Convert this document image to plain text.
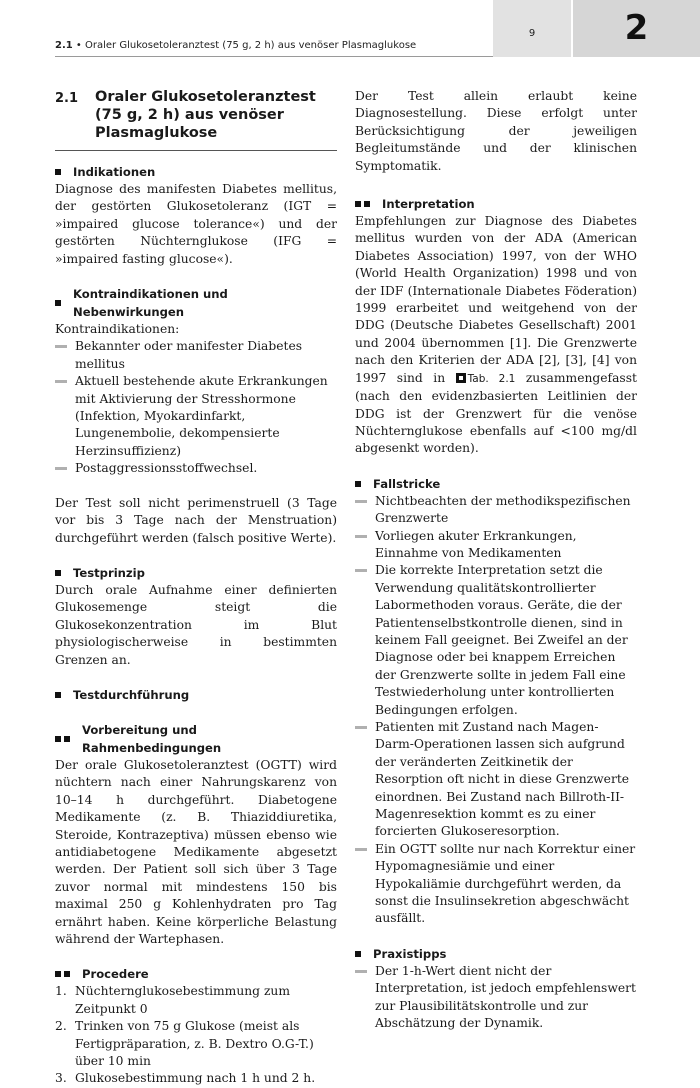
2.1 • Oraler Glukosetoleranztest (75 g, 2 h) aus venöser Plasmaglukose
9	2
2.1	Oraler Glukosetoleranztest
(75 g, 2 h) aus venöser
Plasmaglukose
Indikationen

Diagnose des manifesten Diabetes mellitus, der gestörten Glukosetoleranz (IGT = »impaired glucose tolerance«) und der gestörten Nüchternglukose (IFG = »impaired fasting glucose«).

Kontraindikationen und Nebenwirkungen

Kontraindikationen:

Bekannter oder manifester Diabetes mellitus
Aktuell bestehende akute Erkrankungen mit Aktivierung der Stresshormone (Infektion, Myokardinfarkt, Lungenembolie, dekompensierte Herzinsuffizienz)
Postaggressionsstoffwechsel.

Der Test soll nicht perimenstruell (3 Tage vor bis 3 Tage nach der Menstruation) durchgeführt werden (falsch positive Werte).

Testprinzip

Durch orale Aufnahme einer definierten Glukosemenge steigt die Glukosekonzentration im Blut physiologischerweise in bestimmten Grenzen an.

Testdurchführung
Vorbereitung und Rahmenbedingungen

Der orale Glukosetoleranztest (OGTT) wird nüchtern nach einer Nahrungskarenz von 10–14 h durchgeführt. Diabetogene Medikamente (z. B. Thiaziddiuretika, Steroide, Kontrazeptiva) müssen ebenso wie antidiabetogene Medikamente abgesetzt werden. Der Patient soll sich über 3 Tage zuvor normal mit mindestens 150 bis maximal 250 g Kohlenhydraten pro Tag ernährt haben. Keine körperliche Belastung während der Wartephasen.

Procedere
1. Nüchternglukosebestimmung zum Zeitpunkt 0
2. Trinken von 75 g Glukose (meist als Fertigpräparation, z. B. Dextro O.G-T.) über 10 min
3. Glukosebestimmung nach 1 h und 2 h.

Der Test allein erlaubt keine Diagnosestellung. Diese erfolgt unter Berücksichtigung der jeweiligen Begleitumstände und der klinischen Symptomatik.

Interpretation

Empfehlungen zur Diagnose des Diabetes mellitus wurden von der ADA (American Diabetes Association) 1997, von der WHO (World Health Organization) 1998 und von der IDF (Internationale Diabetes Föderation) 1999 erarbeitet und weitgehend von der DDG (Deutsche Diabetes Gesellschaft) 2001 und 2004 übernommen [1]. Die Grenzwerte nach den Kriterien der ADA [2], [3], [4] von 1997 sind in Tab. 2.1 zusammengefasst (nach den evidenzbasierten Leitlinien der DDG ist der Grenzwert für die venöse Nüchternglukose ebenfalls auf <100 mg/dl abgesenkt worden).

Fallstricke
Nichtbeachten der methodikspezifischen Grenzwerte
Vorliegen akuter Erkrankungen, Einnahme von Medikamenten
Die korrekte Interpretation setzt die Verwendung qualitätskontrollierter Labormethoden voraus. Geräte, die der Patientenselbstkontrolle dienen, sind in keinem Fall geeignet. Bei Zweifel an der Diagnose oder bei knappem Erreichen der Grenzwerte sollte in jedem Fall eine Testwiederholung unter kontrollierten Bedingungen erfolgen.
Patienten mit Zustand nach Magen-Darm-Operationen lassen sich aufgrund der veränderten Zeitkinetik der Resorption oft nicht in diese Grenzwerte einordnen. Bei Zustand nach Billroth-II-Magenresektion kommt es zu einer forcierten Glukoseresorption.
Ein OGTT sollte nur nach Korrektur einer Hypomagnesiämie und einer Hypokaliämie durchgeführt werden, da sonst die Insulinsekretion abgeschwächt ausfällt.
Praxistipps
Der 1-h-Wert dient nicht der Interpretation, ist jedoch empfehlenswert zur Plausibilitätskontrolle und zur Abschätzung der Dynamik.
